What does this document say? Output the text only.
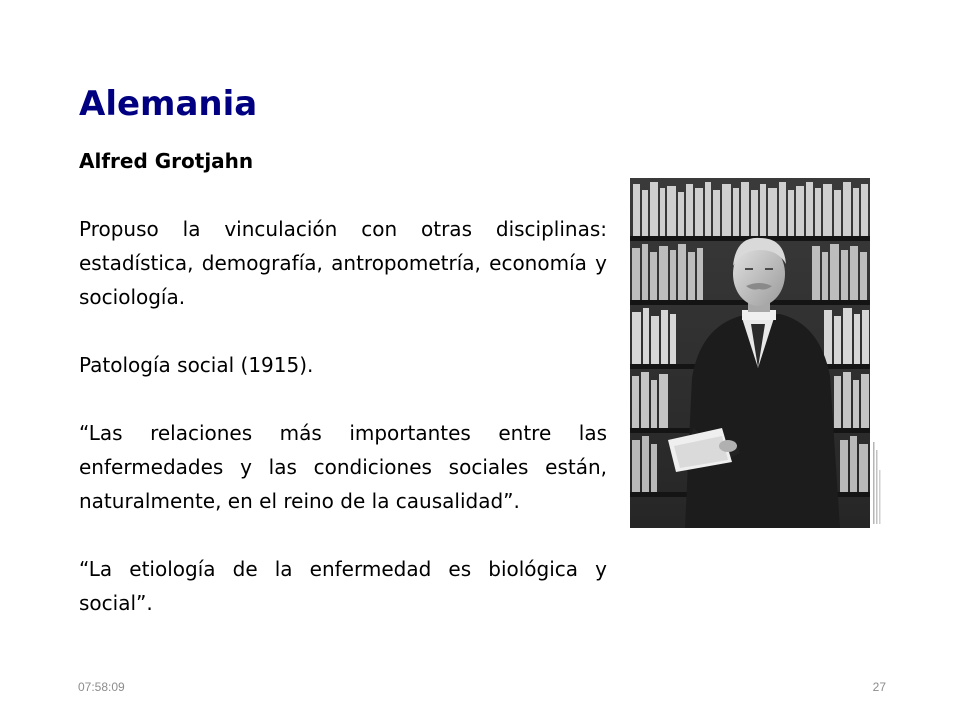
Alemania

Alfred Grotjahn

Propuso la vinculación con otras disciplinas: estadística, demografía, antropometría, economía y sociología.

Patología social (1915).

“Las relaciones más importantes entre las enfermedades y las condiciones sociales están, naturalmente, en el reino de la causalidad”.

“La etiología de la enfermedad es biológica y social”.

07:58:09	27
